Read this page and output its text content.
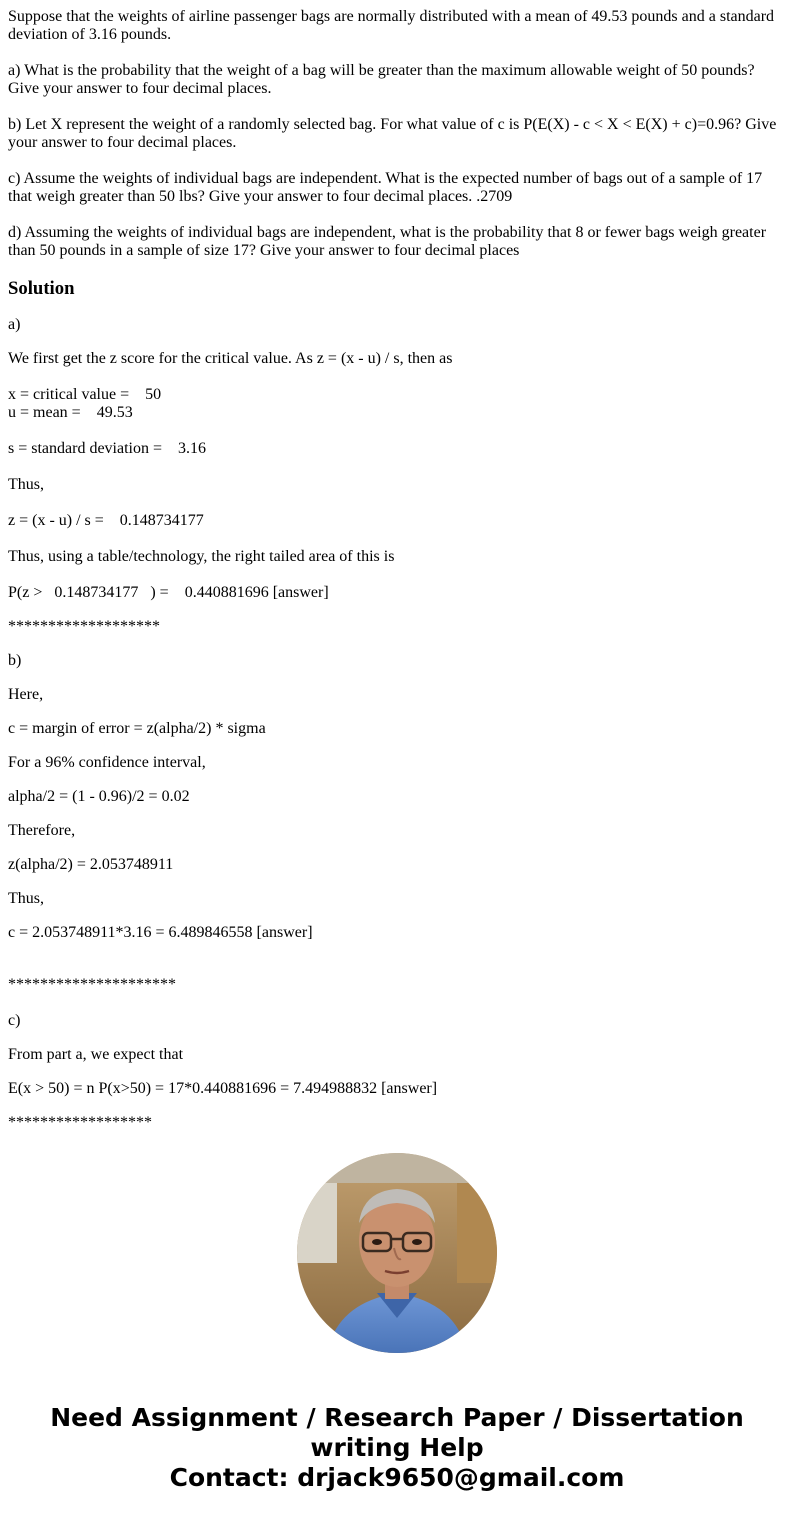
Suppose that the weights of airline passenger bags are normally distributed with a mean of 49.53 pounds and a standard deviation of 3.16 pounds.

a) What is the probability that the weight of a bag will be greater than the maximum allowable weight of 50 pounds? Give your answer to four decimal places.

b) Let X represent the weight of a randomly selected bag. For what value of c is P(E(X) - c < X < E(X) + c)=0.96? Give your answer to four decimal places.

c) Assume the weights of individual bags are independent. What is the expected number of bags out of a sample of 17 that weigh greater than 50 lbs? Give your answer to four decimal places. .2709

d) Assuming the weights of individual bags are independent, what is the probability that 8 or fewer bags weigh greater than 50 pounds in a sample of size 17? Give your answer to four decimal places

Solution

a)

We first get the z score for the critical value. As z = (x - u) / s, then as

x = critical value =    50

u = mean =    49.53

s = standard deviation =    3.16

Thus,

z = (x - u) / s =    0.148734177

Thus, using a table/technology, the right tailed area of this is

P(z >   0.148734177   ) =    0.440881696 [answer]

*******************

b)

Here,

c = margin of error = z(alpha/2) * sigma

For a 96% confidence interval,

alpha/2 = (1 - 0.96)/2 = 0.02

Therefore,

z(alpha/2) = 2.053748911

Thus,

c = 2.053748911*3.16 = 6.489846558 [answer]

*********************

c)

From part a, we expect that

E(x > 50) = n P(x>50) = 17*0.440881696 = 7.494988832 [answer]

******************

Need Assignment / Research Paper / Dissertation
writing Help
Contact: drjack9650@gmail.com
